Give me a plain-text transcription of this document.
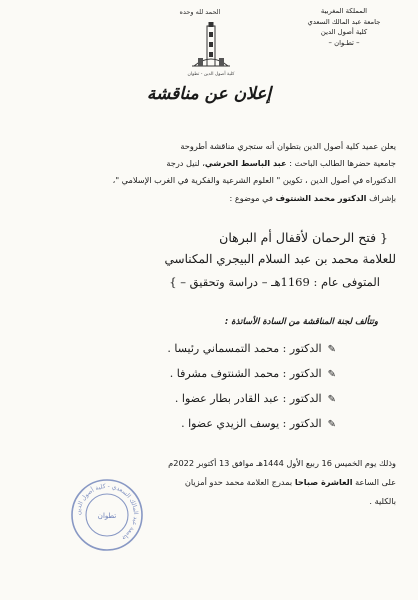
المملكة المغربية
جامعة عبد المالك السعدي
كلية أصول الدين
– تطـوان –
الحمد لله وحده
كلية أصول الدين - تطوان
إعلان عن مناقشة
يعلن عميد كلية أصول الدين بتطوان أنه ستجري مناقشة أطروحة
جامعية حضرها الطالب الباحث : عبد الباسط الحرشي، لنيل درجة
الدكتوراه في أصول الدين ، تكوين " العلوم الشرعية والفكرية في الغرب الإسلامي "،
بإشراف الدكتور محمد الشنتوف في موضوع :
{ فتح الرحمان لأقفال أم البرهان
للعلامة محمد بن عبد السلام البيجري المكناسي
المتوفى عام : 1169هـ – دراسة وتحقيق – }
وتتألف لجنة المناقشة من السادة الأساتذة :
✎الدكتور : محمد التمسماني رئيسا .
✎الدكتور : محمد الشنتوف مشرفا .
✎الدكتور : عبد القادر بطار عضوا .
✎الدكتور : يوسف الزيدي عضوا .
وذلك يوم الخميس 16 ربيع الأول 1444هـ موافق 13 أكتوبر 2022م
على الساعة العاشرة صباحا بمدرج العلامة محمد حدو أمزيان
بالكلية .
جامعة عبد المالك السعدي - كلية أصول الدين
تطوان
